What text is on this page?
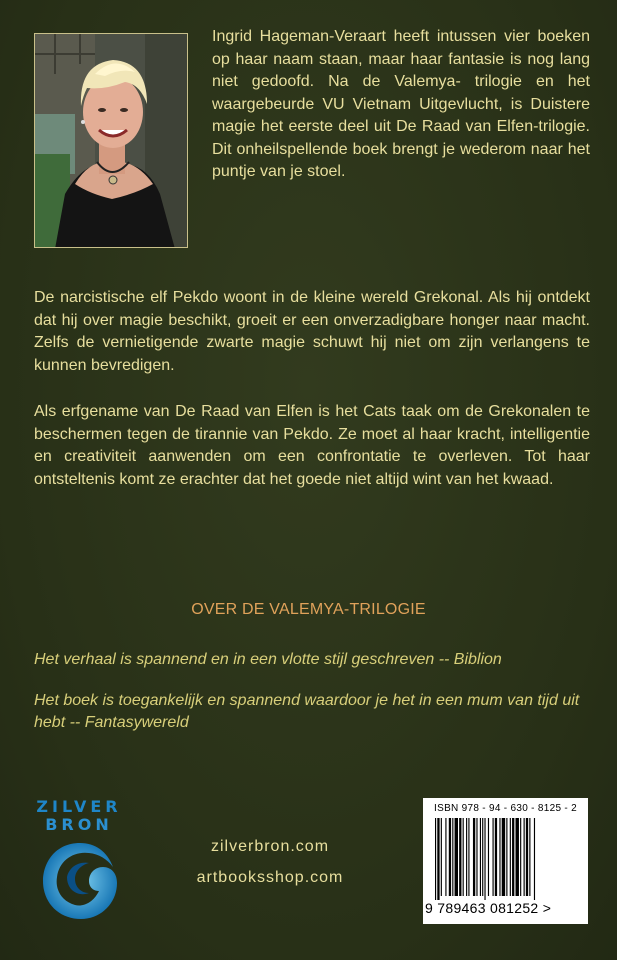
Ingrid Hageman-Veraart heeft intussen vier boeken op haar naam staan, maar haar fantasie is nog lang niet gedoofd. Na de Valemya- trilogie en het waargebeurde VU Vietnam Uitgevlucht, is Duistere magie het eerste deel uit De Raad van Elfen-trilogie. Dit onheilspellende boek brengt je wederom naar het puntje van je stoel.

De narcistische elf Pekdo woont in de kleine wereld Grekonal. Als hij ontdekt dat hij over magie beschikt, groeit er een onverzadigbare honger naar macht. Zelfs de vernietigende zwarte magie schuwt hij niet om zijn verlangens te kunnen bevredigen.

Als erfgename van De Raad van Elfen is het Cats taak om de Grekonalen te beschermen tegen de tirannie van Pekdo. Ze moet al haar kracht, intelligentie en creativiteit aanwenden om een confrontatie te overleven. Tot haar ontsteltenis komt ze erachter dat het goede niet altijd wint van het kwaad.

OVER DE VALEMYA-TRILOGIE

Het verhaal is spannend en in een vlotte stijl geschreven -- Biblion

Het boek is toegankelijk en spannend waardoor je het in een mum van tijd uit hebt -- Fantasywereld

ZILVER
BRON
zilverbron.com
artbooksshop.com
ISBN 978 - 94 - 630 - 8125 - 2
9 789463 081252 >
